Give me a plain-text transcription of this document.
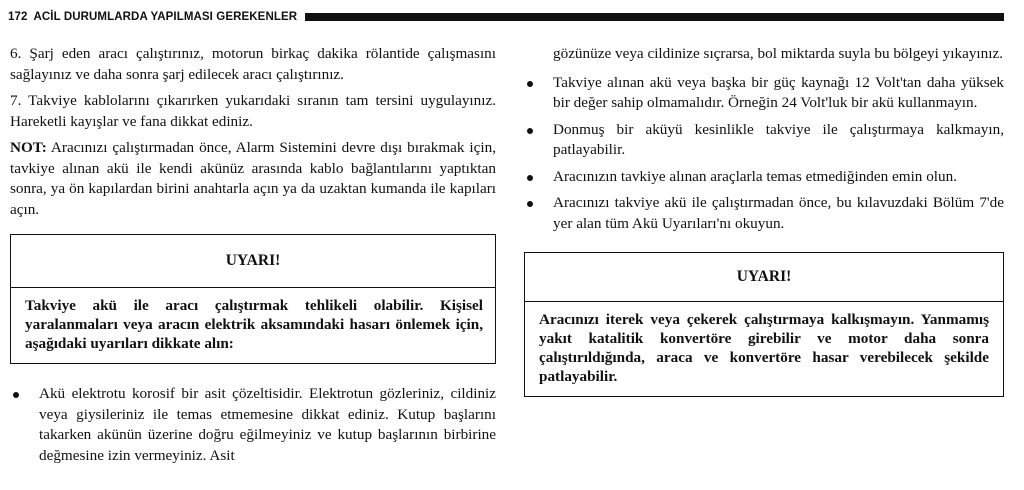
172 ACİL DURUMLARDA YAPILMASI GEREKENLER

6. Şarj eden aracı çalıştırınız, motorun birkaç dakika rölantide çalışmasını sağlayınız ve daha sonra şarj edilecek aracı çalıştırınız.

7. Takviye kablolarını çıkarırken yukarıdaki sıranın tam tersini uygulayınız. Hareketli kayışlar ve fana dikkat ediniz.

NOT: Aracınızı çalıştırmadan önce, Alarm Sistemini devre dışı bırakmak için, tavkiye alınan akü ile kendi akünüz arasında kablo bağlantılarını yaptıktan sonra, ya ön kapılardan birini anahtarla açın ya da uzaktan kumanda ile kapıları açın.

UYARI!
Takviye akü ile aracı çalıştırmak tehlikeli olabilir. Kişisel yaralanmaları veya aracın elektrik aksamındaki hasarı önlemek için, aşağıdaki uyarıları dikkate alın:
Akü elektrotu korosif bir asit çözeltisidir. Elektrotun gözleriniz, cildiniz veya giysileriniz ile temas etmemesine dikkat ediniz. Kutup başlarını takarken akünün üzerine doğru eğilmeyiniz ve kutup başlarının birbirine değmesine izin vermeyiniz. Asit

gözünüze veya cildinize sıçrarsa, bol miktarda suyla bu bölgeyi yıkayınız.

Takviye alınan akü veya başka bir güç kaynağı 12 Volt'tan daha yüksek bir değer sahip olmamalıdır. Örneğin 24 Volt'luk bir akü kullanmayın.
Donmuş bir aküyü kesinlikle takviye ile çalıştırmaya kalkmayın, patlayabilir.
Aracınızın tavkiye alınan araçlarla temas etmediğinden emin olun.
Aracınızı takviye akü ile çalıştırmadan önce, bu kılavuzdaki Bölüm 7'de yer alan tüm Akü Uyarıları'nı okuyun.
UYARI!
Aracınızı iterek veya çekerek çalıştırmaya kalkışmayın. Yanmamış yakıt katalitik konvertöre girebilir ve motor daha sonra çalıştırıldığında, araca ve konvertöre hasar verebilecek şekilde patlayabilir.
